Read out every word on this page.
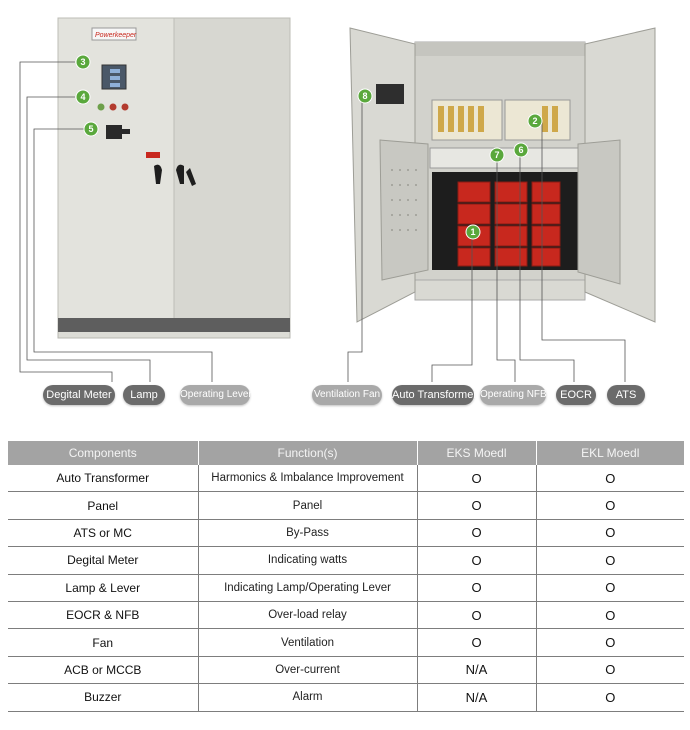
Powerkeeper
3
4
5
8
2
7 6
1
Degital Meter	Lamp	Operating Lever	Ventilation Fan Auto Transformer Operating NFB	EOCR	ATS
Components	Function(s)	EKS Moedl	EKL Moedl
Auto Transformer	Harmonics & Imbalance Improvement	O	O
Panel	Panel	O	O
ATS or MC	By-Pass	O	O
Degital Meter	Indicating watts	O	O
Lamp & Lever	Indicating Lamp/Operating Lever	O	O
EOCR & NFB	Over-load relay	O	O
Fan	Ventilation	O	O
ACB or MCCB	Over-current	N/A	O
Buzzer	Alarm	N/A	O
